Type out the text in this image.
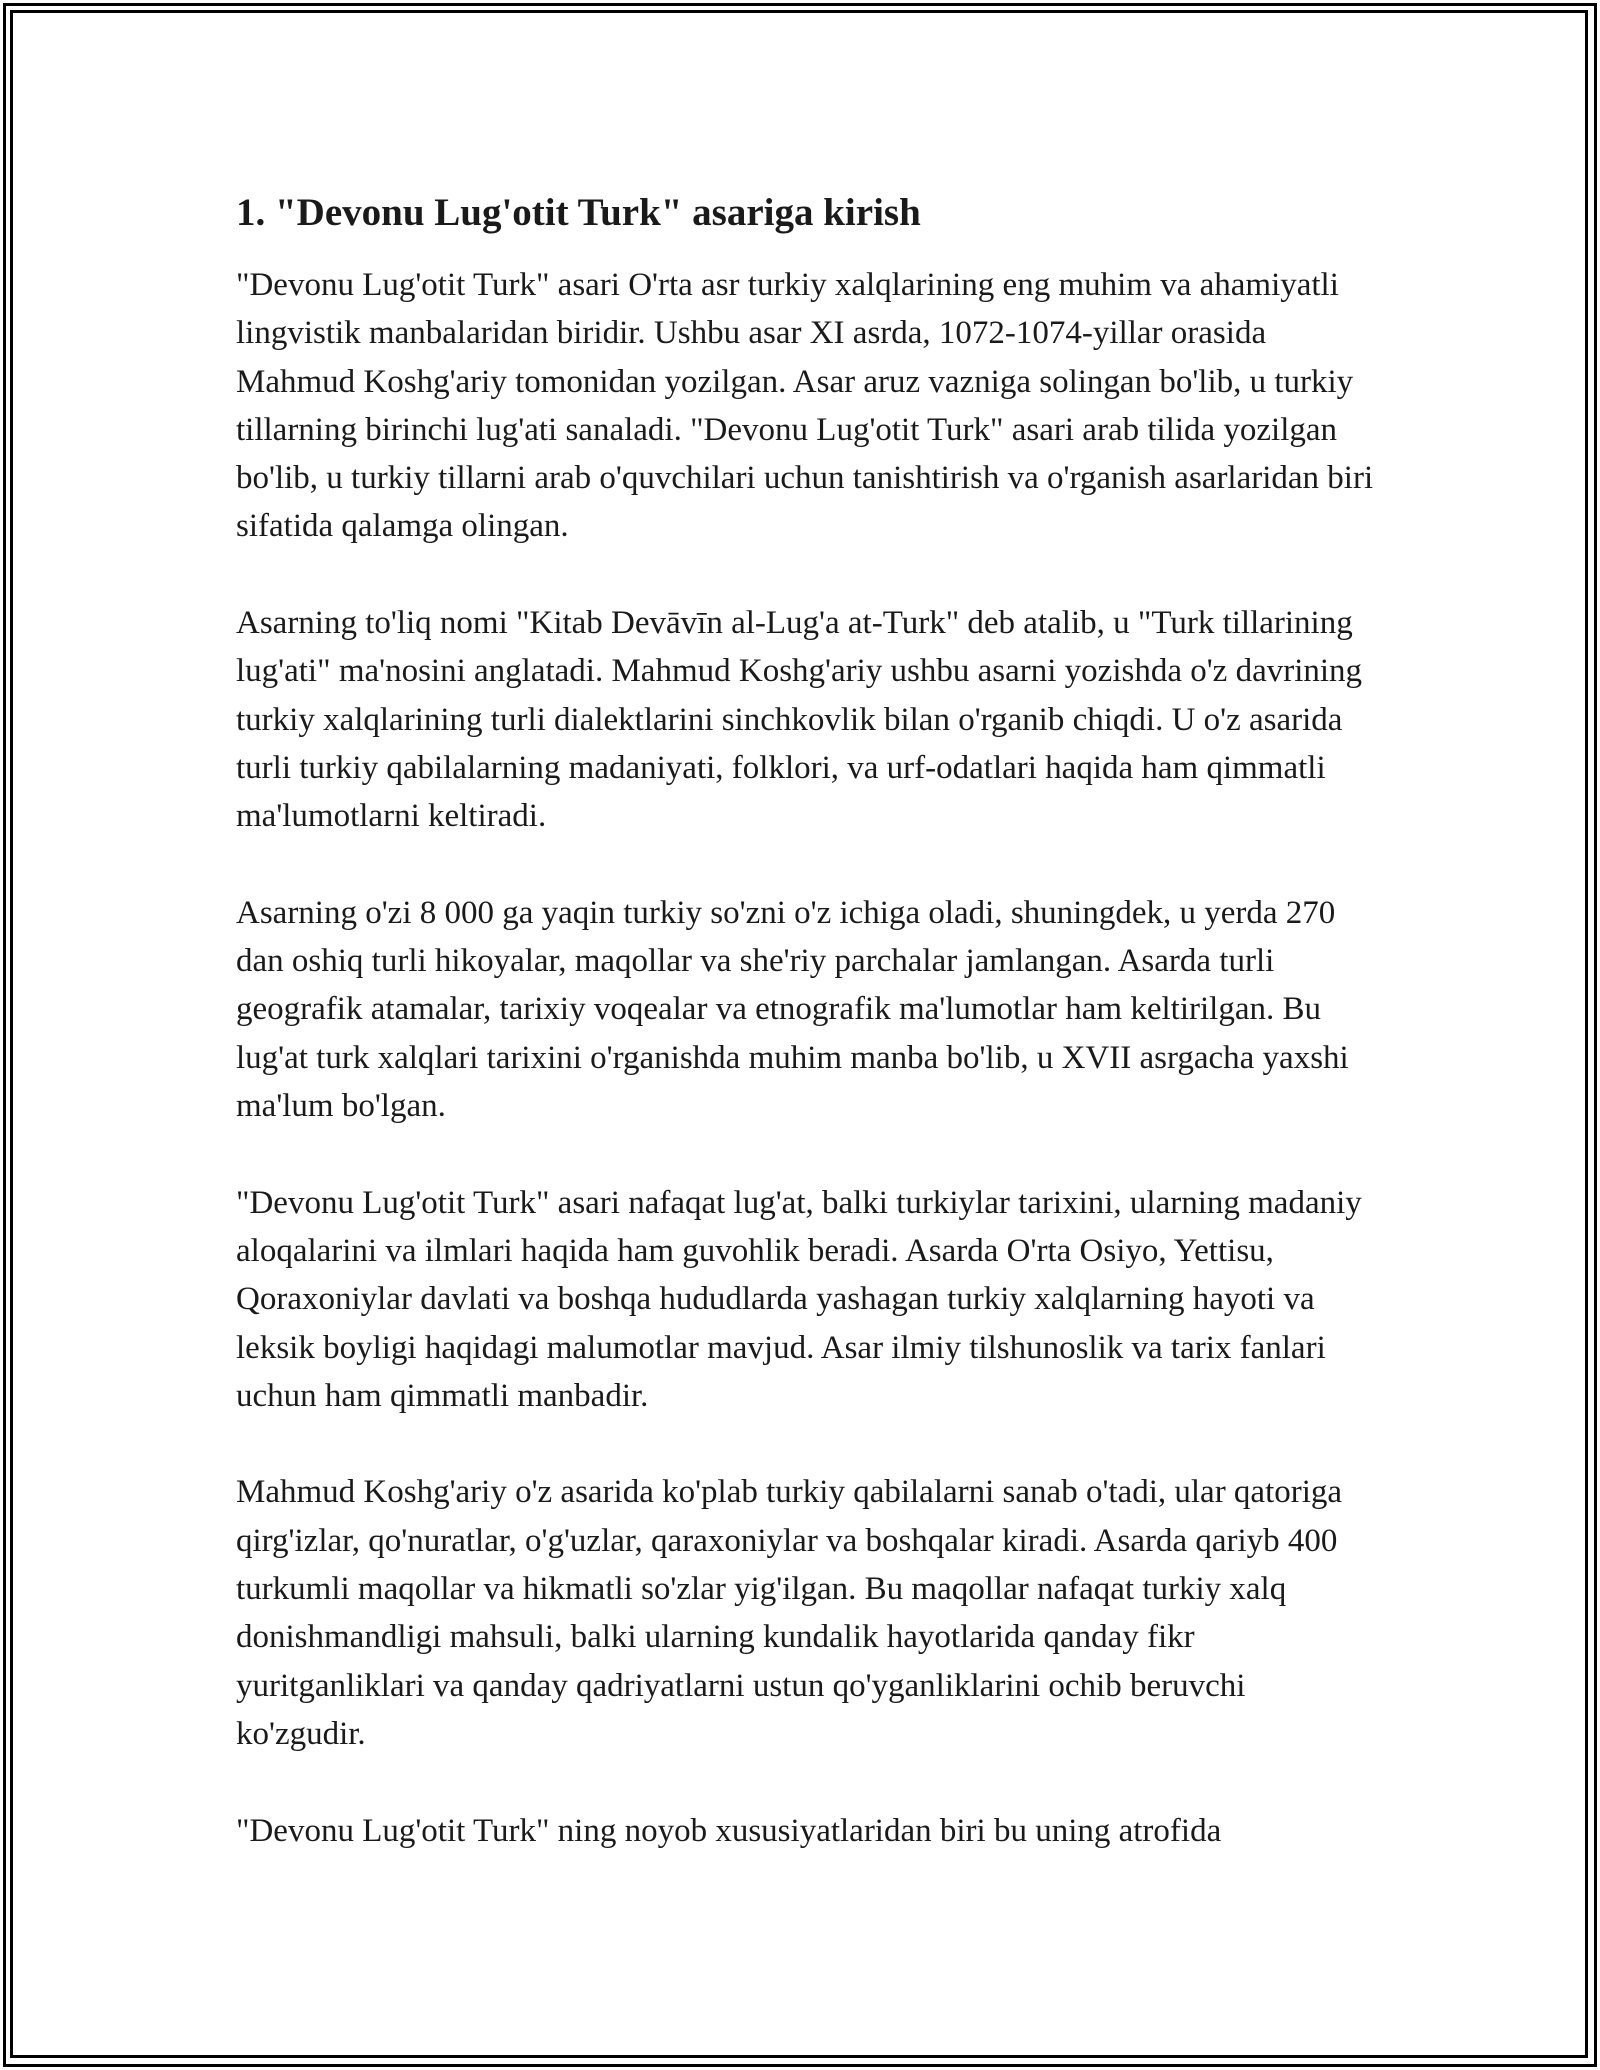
1. "Devonu Lug'otit Turk" asariga kirish

"Devonu Lug'otit Turk" asari O'rta asr turkiy xalqlarining eng muhim va ahamiyatli lingvistik manbalaridan biridir. Ushbu asar XI asrda, 1072-1074-yillar orasida Mahmud Koshg'ariy tomonidan yozilgan. Asar aruz vazniga solingan bo'lib, u turkiy tillarning birinchi lug'ati sanaladi. "Devonu Lug'otit Turk" asari arab tilida yozilgan bo'lib, u turkiy tillarni arab o'quvchilari uchun tanishtirish va o'rganish asarlaridan biri sifatida qalamga olingan.

Asarning to'liq nomi "Kitab Devāvīn al-Lug'a at-Turk" deb atalib, u "Turk tillarining lug'ati" ma'nosini anglatadi. Mahmud Koshg'ariy ushbu asarni yozishda o'z davrining turkiy xalqlarining turli dialektlarini sinchkovlik bilan o'rganib chiqdi. U o'z asarida turli turkiy qabilalarning madaniyati, folklori, va urf-odatlari haqida ham qimmatli ma'lumotlarni keltiradi.

Asarning o'zi 8 000 ga yaqin turkiy so'zni o'z ichiga oladi, shuningdek, u yerda 270 dan oshiq turli hikoyalar, maqollar va she'riy parchalar jamlangan. Asarda turli geografik atamalar, tarixiy voqealar va etnografik ma'lumotlar ham keltirilgan. Bu lug'at turk xalqlari tarixini o'rganishda muhim manba bo'lib, u XVII asrgacha yaxshi ma'lum bo'lgan.

"Devonu Lug'otit Turk" asari nafaqat lug'at, balki turkiylar tarixini, ularning madaniy aloqalarini va ilmlari haqida ham guvohlik beradi. Asarda O'rta Osiyo, Yettisu, Qoraxoniylar davlati va boshqa hududlarda yashagan turkiy xalqlarning hayoti va leksik boyligi haqidagi malumotlar mavjud. Asar ilmiy tilshunoslik va tarix fanlari uchun ham qimmatli manbadir.

Mahmud Koshg'ariy o'z asarida ko'plab turkiy qabilalarni sanab o'tadi, ular qatoriga qirg'izlar, qo'nuratlar, o'g'uzlar, qaraxoniylar va boshqalar kiradi. Asarda qariyb 400 turkumli maqollar va hikmatli so'zlar yig'ilgan. Bu maqollar nafaqat turkiy xalq donishmandligi mahsuli, balki ularning kundalik hayotlarida qanday fikr yuritganliklari va qanday qadriyatlarni ustun qo'yganliklarini ochib beruvchi ko'zgudir.

"Devonu Lug'otit Turk" ning noyob xususiyatlaridan biri bu uning atrofida
